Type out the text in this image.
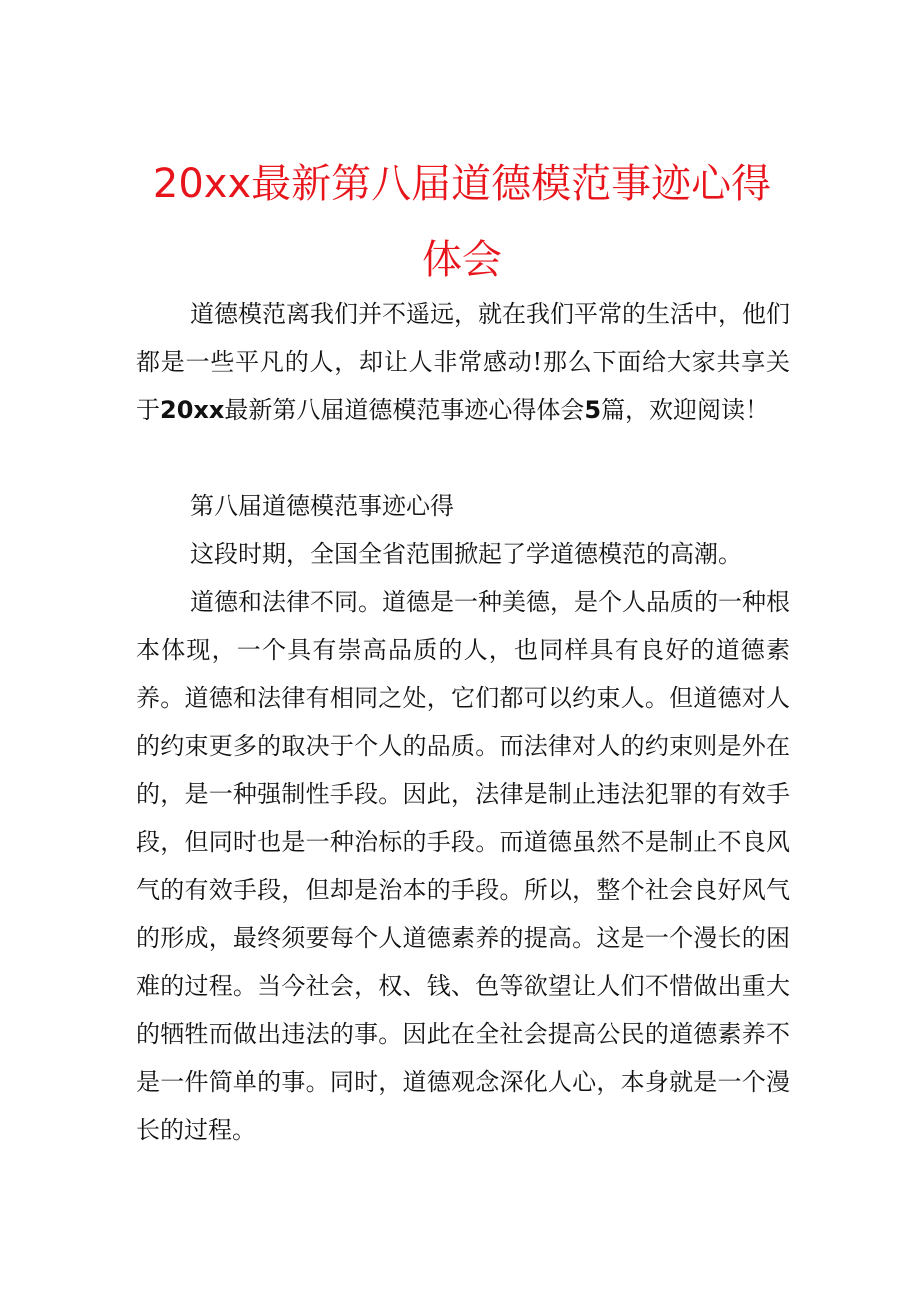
20xx最新第八届道德模范事迹心得
体会

道德模范离我们并不遥远，就在我们平常的生活中，他们都是一些平凡的人，却让人非常感动!那么下面给大家共享关于20xx最新第八届道德模范事迹心得体会5篇，欢迎阅读！

第八届道德模范事迹心得

这段时期，全国全省范围掀起了学道德模范的高潮。

道德和法律不同。道德是一种美德，是个人品质的一种根本体现，一个具有崇高品质的人，也同样具有良好的道德素养。道德和法律有相同之处，它们都可以约束人。但道德对人的约束更多的取决于个人的品质。而法律对人的约束则是外在的，是一种强制性手段。因此，法律是制止违法犯罪的有效手段，但同时也是一种治标的手段。而道德虽然不是制止不良风气的有效手段，但却是治本的手段。所以，整个社会良好风气的形成，最终须要每个人道德素养的提高。这是一个漫长的困难的过程。当今社会，权、钱、色等欲望让人们不惜做出重大的牺牲而做出违法的事。因此在全社会提高公民的道德素养不是一件简单的事。同时，道德观念深化人心，本身就是一个漫长的过程。
